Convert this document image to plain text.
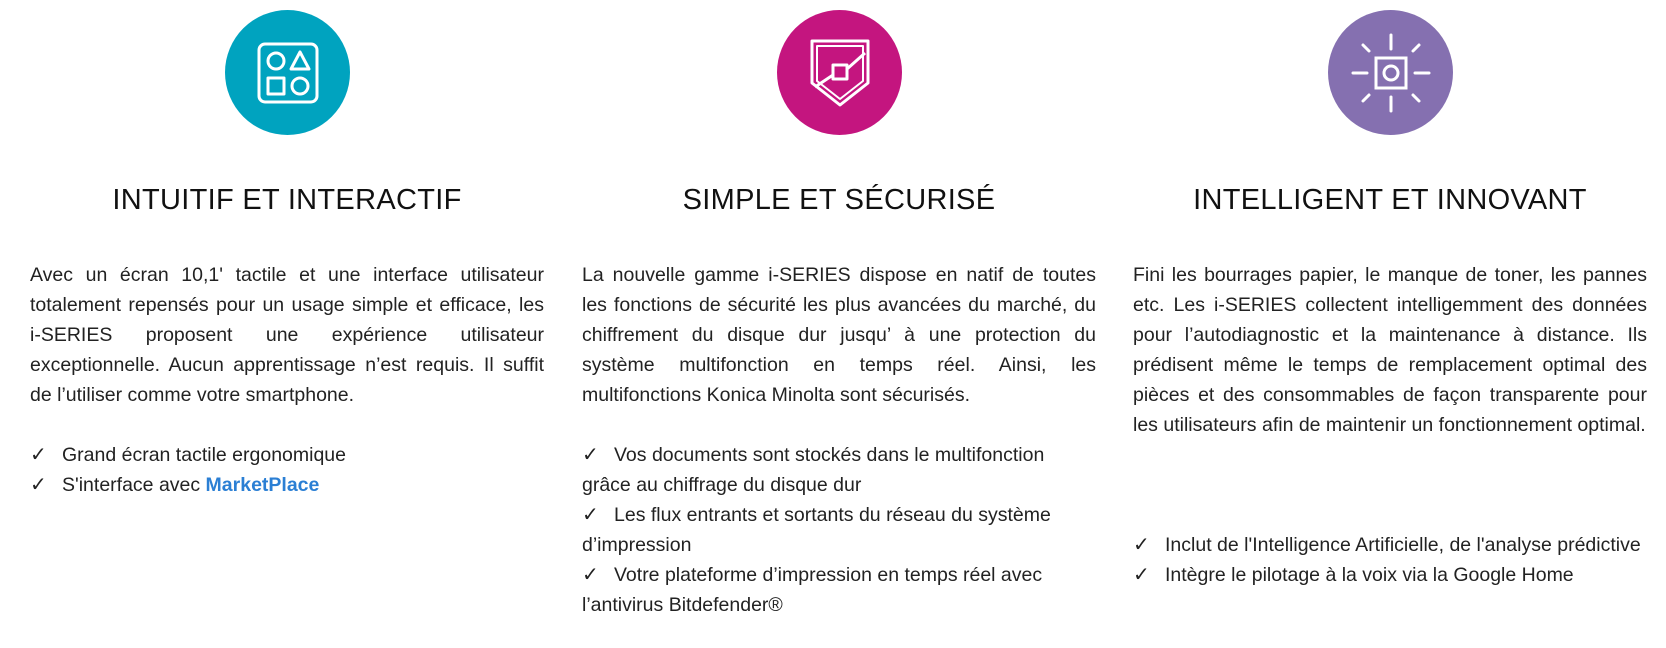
INTUITIF ET INTERACTIF

Avec un écran 10,1' tactile et une interface utilisateur totalement repensés pour un usage simple et efficace, les i-SERIES proposent une expérience utilisateur exceptionnelle. Aucun apprentissage n’est requis. Il suffit de l’utiliser comme votre smartphone.

✓ Grand écran tactile ergonomique
✓ S'interface avec MarketPlace
SIMPLE ET SÉCURISÉ

La nouvelle gamme i-SERIES dispose en natif de toutes les fonctions de sécurité les plus avancées du marché, du chiffrement du disque dur jusqu’ à une protection du système multifonction en temps réel. Ainsi, les multifonctions Konica Minolta sont sécurisés.

✓ Vos documents sont stockés dans le multifonction grâce au chiffrage du disque dur
✓ Les flux entrants et sortants du réseau du système d’impression
✓ Votre plateforme d’impression en temps réel avec l’antivirus Bitdefender®
INTELLIGENT ET INNOVANT

Fini les bourrages papier, le manque de toner, les pannes etc. Les i-SERIES collectent intelligemment des données pour l’autodiagnostic et la maintenance à distance. Ils prédisent même le temps de remplacement optimal des pièces et des consommables de façon transparente pour les utilisateurs afin de maintenir un fonctionnement optimal.

✓ Inclut de l'Intelligence Artificielle, de l'analyse prédictive
✓ Intègre le pilotage à la voix via la Google Home
